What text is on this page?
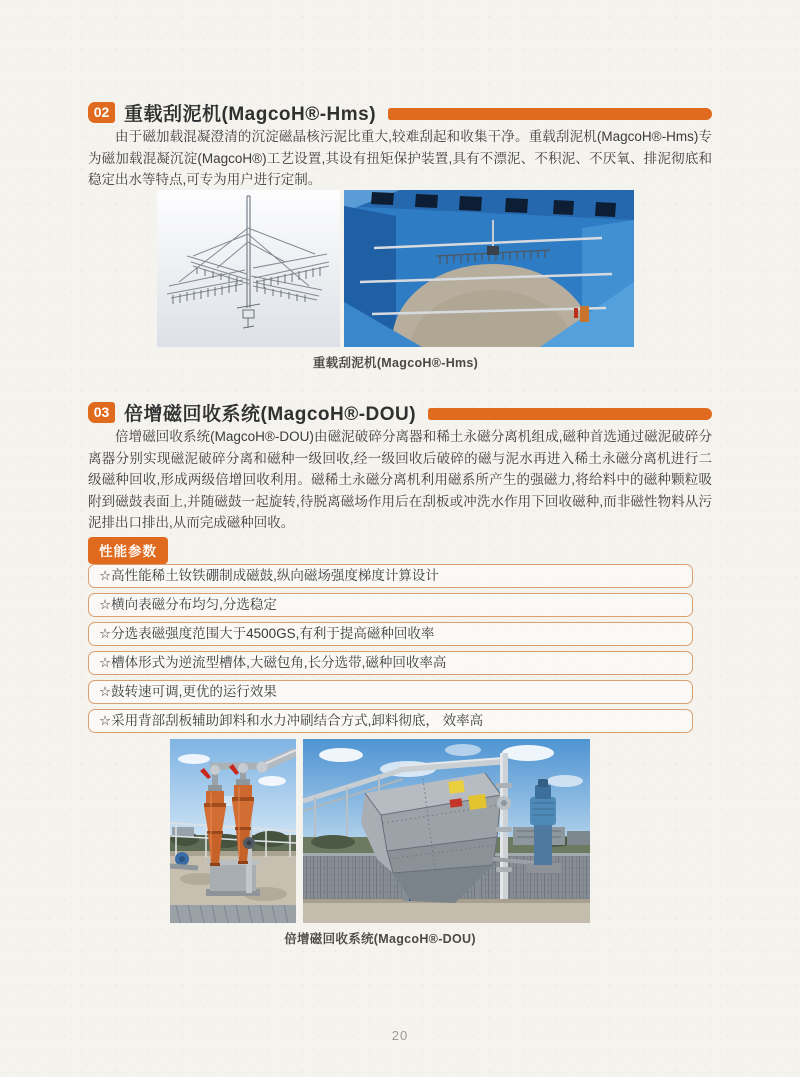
02 重载刮泥机(MagcoH®-Hms)

由于磁加载混凝澄清的沉淀磁晶核污泥比重大,较难刮起和收集干净。重载刮泥机(MagcoH®-Hms)专为磁加载混凝沉淀(MagcoH®)工艺设置,其设有扭矩保护装置,具有不漂泥、不积泥、不厌氧、排泥彻底和稳定出水等特点,可专为用户进行定制。

重载刮泥机(MagcoH®-Hms)
03 倍增磁回收系统(MagcoH®-DOU)

倍增磁回收系统(MagcoH®-DOU)由磁泥破碎分离器和稀土永磁分离机组成,磁种首选通过磁泥破碎分离器分别实现磁泥破碎分离和磁种一级回收,经一级回收后破碎的磁与泥水再进入稀土永磁分离机进行二级磁种回收,形成两级倍增回收利用。磁稀土永磁分离机利用磁系所产生的强磁力,将给料中的磁种颗粒吸附到磁鼓表面上,并随磁鼓一起旋转,待脱离磁场作用后在刮板或冲洗水作用下回收磁种,而非磁性物料从污泥排出口排出,从而完成磁种回收。

性能参数
☆高性能稀土钕铁硼制成磁鼓,纵向磁场强度梯度计算设计
☆横向表磁分布均匀,分选稳定
☆分选表磁强度范围大于4500GS,有利于提高磁种回收率
☆槽体形式为逆流型槽体,大磁包角,长分选带,磁种回收率高
☆鼓转速可调,更优的运行效果
☆采用背部刮板辅助卸料和水力冲刷结合方式,卸料彻底， 效率高
倍增磁回收系统(MagcoH®-DOU)
20
